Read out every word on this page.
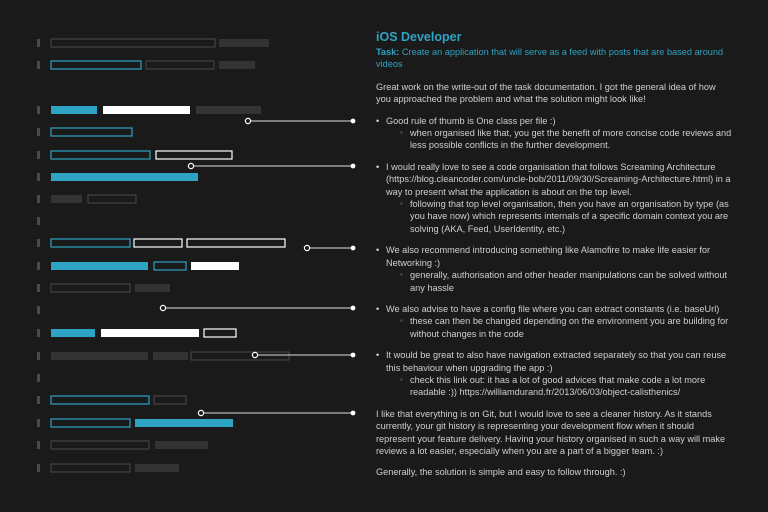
iOS Developer
Task: Create an application that will serve as a feed with posts that are based around videos

Great work on the write-out of the task documentation. I got the general idea of how you approached the problem and what the solution might look like!

• Good rule of thumb is One class per file :)
◦ when organised like that, you get the benefit of more concise code reviews and less possible conflicts in the further development.
• I would really love to see a code organisation that follows Screaming Architecture (https://blog.cleancoder.com/uncle-bob/2011/09/30/Screaming-Architecture.html) in a way to present what the application is about on the top level.
◦ following that top level organisation, then you have an organisation by type (as you have now) which represents internals of a specific domain context you are solving (AKA, Feed, UserIdentity, etc.)
• We also recommend introducing something like Alamofire to make life easier for Networking :)
◦ generally, authorisation and other header manipulations can be solved without any hassle
• We also advise to have a config file where you can extract constants (i.e. baseUrl)
◦ these can then be changed depending on the environment you are building for without changes in the code
• It would be great to also have navigation extracted separately so that you can reuse this behaviour when upgrading the app :)
◦ check this link out: it has a lot of good advices that make code a lot more readable :)) https://williamdurand.fr/2013/06/03/object-calisthenics/

I like that everything is on Git, but I would love to see a cleaner history. As it stands currently, your git history is representing your development flow when it should represent your feature delivery. Having your history organised in such a way will make reviews a lot easier, especially when you are a part of a bigger team. :)

Generally, the solution is simple and easy to follow through. :)
